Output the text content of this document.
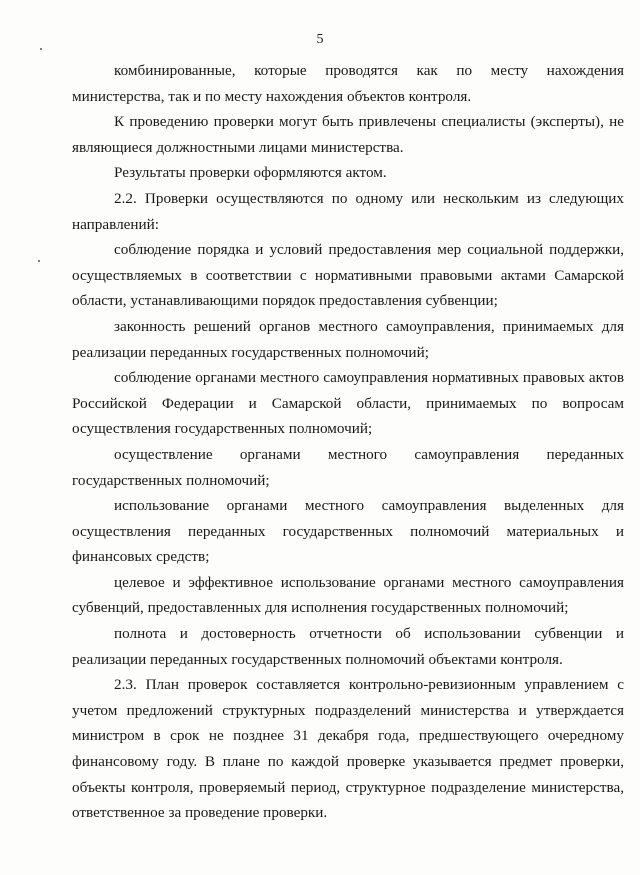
5

комбинированные, которые проводятся как по месту нахождения министерства, так и по месту нахождения объектов контроля.

К проведению проверки могут быть привлечены специалисты (эксперты), не являющиеся должностными лицами министерства.

Результаты проверки оформляются актом.

2.2. Проверки осуществляются по одному или нескольким из следующих направлений:

соблюдение порядка и условий предоставления мер социальной поддержки, осуществляемых в соответствии с нормативными правовыми актами Самарской области, устанавливающими порядок предоставления субвенции;

законность решений органов местного самоуправления, принимаемых для реализации переданных государственных полномочий;

соблюдение органами местного самоуправления нормативных правовых актов Российской Федерации и Самарской области, принимаемых по вопросам осуществления государственных полномочий;

осуществление органами местного самоуправления переданных государственных полномочий;

использование органами местного самоуправления выделенных для осуществления переданных государственных полномочий материальных и финансовых средств;

целевое и эффективное использование органами местного самоуправления субвенций, предоставленных для исполнения государственных полномочий;

полнота и достоверность отчетности об использовании субвенции и реализации переданных государственных полномочий объектами контроля.

2.3. План проверок составляется контрольно-ревизионным управлением с учетом предложений структурных подразделений министерства и утверждается министром в срок не позднее 31 декабря года, предшествующего очередному финансовому году. В плане по каждой проверке указывается предмет проверки, объекты контроля, проверяемый период, структурное подразделение министерства, ответственное за проведение проверки.
